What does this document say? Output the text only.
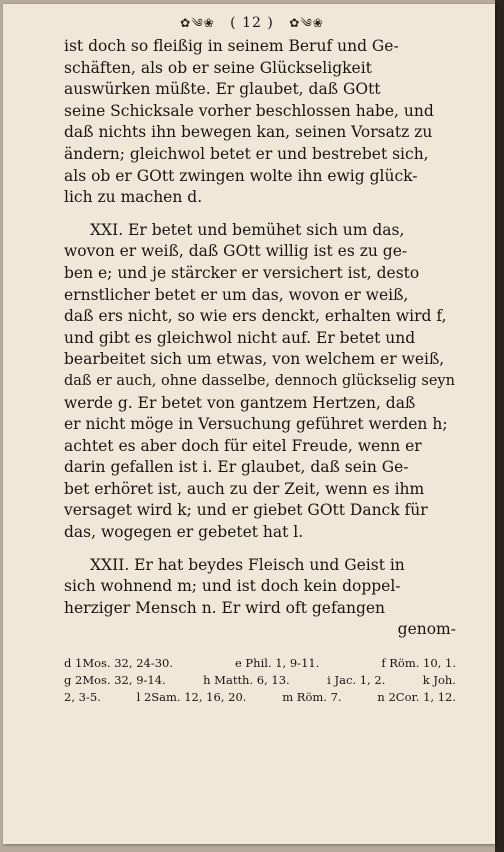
✿༄❀ ( 12 ) ✿༄❀
ist doch so fleißig in seinem Beruf und Ge-
schäften, als ob er seine Glückseligkeit
auswürken müßte. Er glaubet, daß GOtt
seine Schicksale vorher beschlossen habe, und
daß nichts ihn bewegen kan, seinen Vorsatz zu
ändern; gleichwol betet er und bestrebet sich,
als ob er GOtt zwingen wolte ihn ewig glück-
lich zu machen d.
XXI. Er betet und bemühet sich um das,
wovon er weiß, daß GOtt willig ist es zu ge-
ben e; und je stärcker er versichert ist, desto
ernstlicher betet er um das, wovon er weiß,
daß ers nicht, so wie ers denckt, erhalten wird f,
und gibt es gleichwol nicht auf. Er betet und
bearbeitet sich um etwas, von welchem er weiß,
daß er auch, ohne dasselbe, dennoch glückselig seyn
werde g. Er betet von gantzem Hertzen, daß
er nicht möge in Versuchung geführet werden h;
achtet es aber doch für eitel Freude, wenn er
darin gefallen ist i. Er glaubet, daß sein Ge-
bet erhöret ist, auch zu der Zeit, wenn es ihm
versaget wird k; und er giebet GOtt Danck für
das, wogegen er gebetet hat l.
XXII. Er hat beydes Fleisch und Geist in
sich wohnend m; und ist doch kein doppel-
herziger Mensch n. Er wird oft gefangen
genom-
d 1Mos. 32, 24-30.	e Phil. 1, 9-11.	f Röm. 10, 1.
g 2Mos. 32, 9-14.	h Matth. 6, 13.	i Jac. 1, 2.	k Joh.
2, 3-5.	l 2Sam. 12, 16, 20.	m Röm. 7.	n 2Cor. 1, 12.
